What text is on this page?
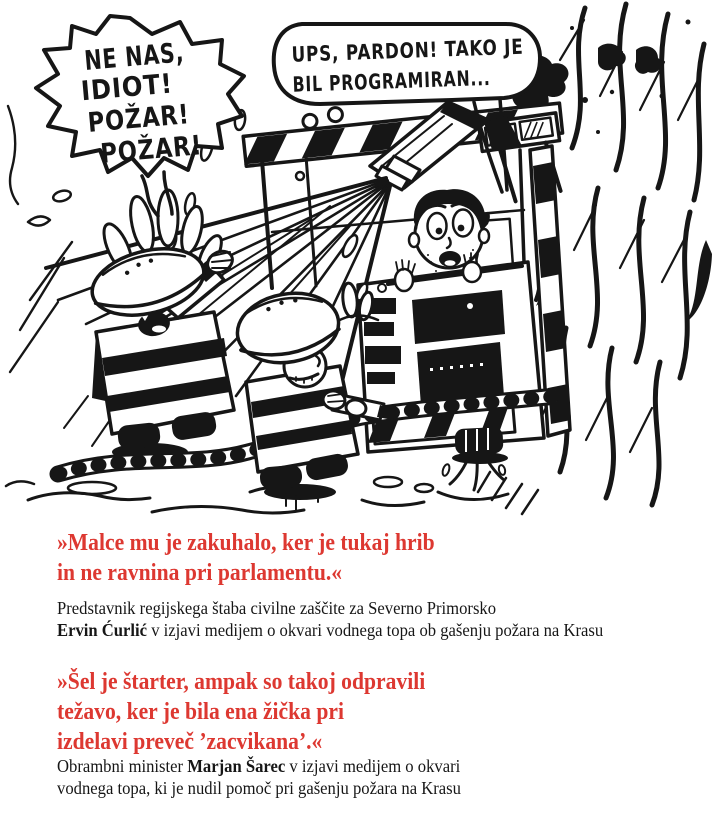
NE NAS,
IDIOT!
POŽAR!
POŽAR!
UPS, PARDON! TAKO JE
BIL PROGRAMIRAN...
»Malce mu je zakuhalo, ker je tukaj hrib
in ne ravnina pri parlamentu.«

Predstavnik regijskega štaba civilne zaščite za Severno Primorsko
Ervin Ćurlić v izjavi medijem o okvari vodnega topa ob gašenju požara na Krasu

»Šel je štarter, ampak so takoj odpravili
težavo, ker je bila ena žička pri
izdelavi preveč ’zacvikana’.«

Obrambni minister Marjan Šarec v izjavi medijem o okvari
vodnega topa, ki je nudil pomoč pri gašenju požara na Krasu
